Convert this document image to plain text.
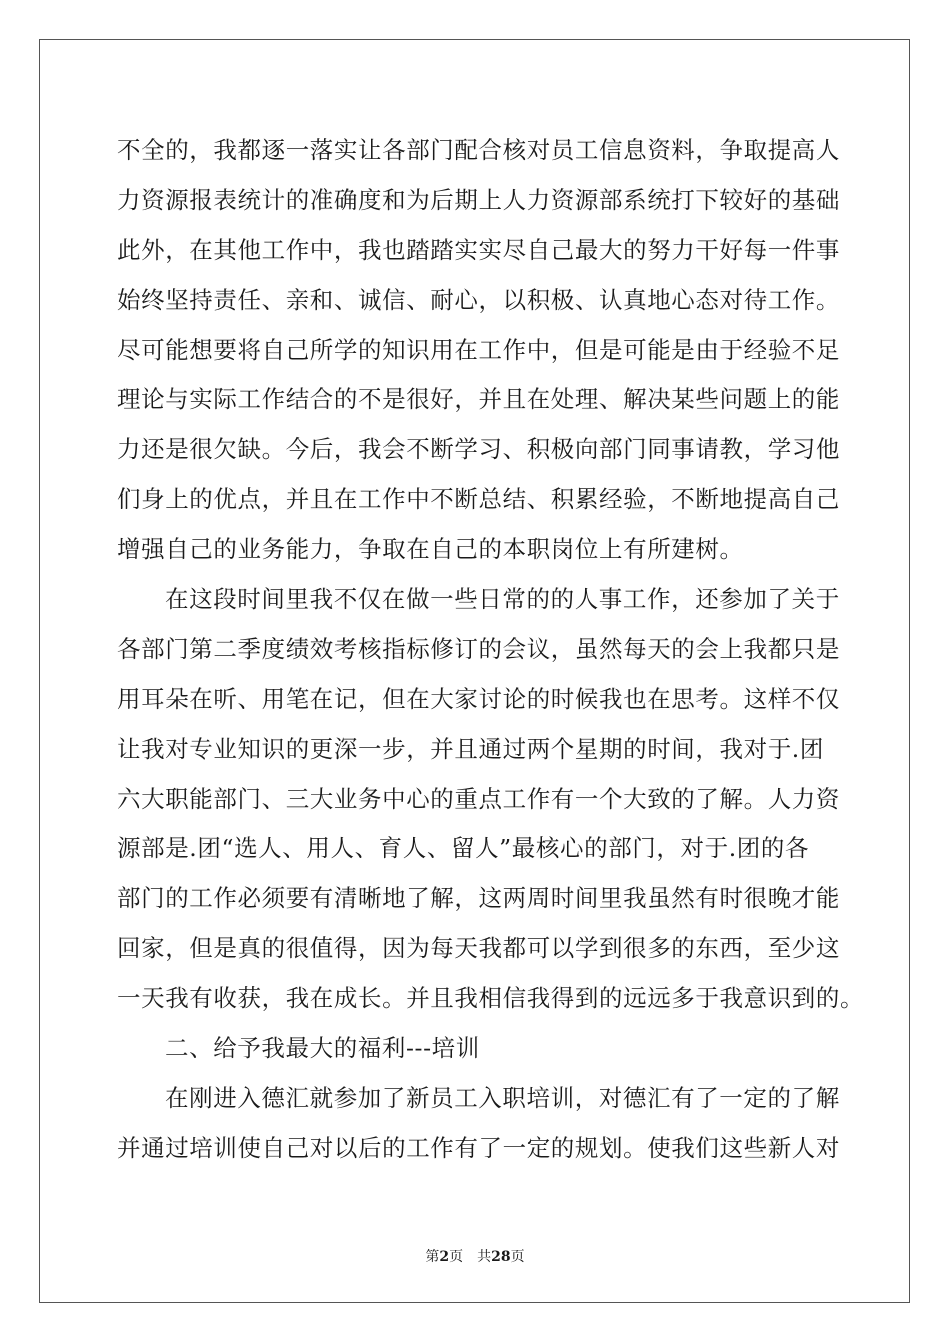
不全的，我都逐一落实让各部门配合核对员工信息资料，争取提高人
力资源报表统计的准确度和为后期上人力资源部系统打下较好的基础
此外，在其他工作中，我也踏踏实实尽自己最大的努力干好每一件事
始终坚持责任、亲和、诚信、耐心，以积极、认真地心态对待工作。
尽可能想要将自己所学的知识用在工作中，但是可能是由于经验不足
理论与实际工作结合的不是很好，并且在处理、解决某些问题上的能
力还是很欠缺。今后，我会不断学习、积极向部门同事请教，学习他
们身上的优点，并且在工作中不断总结、积累经验，不断地提高自己
增强自己的业务能力，争取在自己的本职岗位上有所建树。
在这段时间里我不仅在做一些日常的的人事工作，还参加了关于
各部门第二季度绩效考核指标修订的会议，虽然每天的会上我都只是
用耳朵在听、用笔在记，但在大家讨论的时候我也在思考。这样不仅
让我对专业知识的更深一步，并且通过两个星期的时间，我对于.团
六大职能部门、三大业务中心的重点工作有一个大致的了解。人力资
源部是.团“选人、用人、育人、留人”最核心的部门，对于.团的各
部门的工作必须要有清晰地了解，这两周时间里我虽然有时很晚才能
回家，但是真的很值得，因为每天我都可以学到很多的东西，至少这
一天我有收获，我在成长。并且我相信我得到的远远多于我意识到的。
二、给予我最大的福利---培训
在刚进入德汇就参加了新员工入职培训，对德汇有了一定的了解
并通过培训使自己对以后的工作有了一定的规划。使我们这些新人对
第2页 共28页
